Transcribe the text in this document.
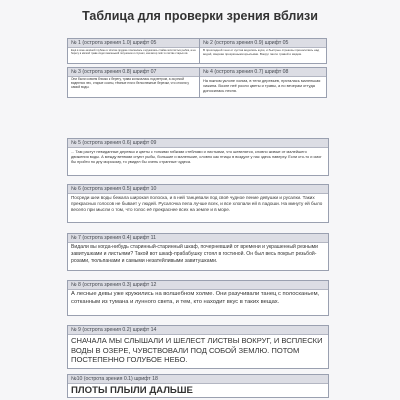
Таблица для проверки зрения вблизи
№ 1 (острота зрения 1.0) шрифт 05
Ещё в сине-зелёной глубине в тёплом прудике плескалась и кружилась стайка золотистых рыбок, а на берегу в мягкой траве сидел маленький лягушонок и слушал, как ветер поёт в листве старых ив.
№ 2 (острота зрения 0.9) шрифт 05
В прохладной тени от кустов водились жуки, и быстрые стрекозы проносились над водой, сверкая прозрачными крыльями. Вокруг пахло травой и мёдом.
№ 3 (острота зрения 0.8) шрифт 07
Они были совсем близко к берегу, трава колыхалась под ветром, а за рекой виднелся лес, старые сосны, тёмные ели и белоснежные березки, что стояли у самой воды.
№ 4 (острота зрения 0.7) шрифт 08
На южном уклоне холма, в тени деревьев, пряталась маленькая хижина. Возле неё росли цветы и травы, а по вечерам оттуда доносилась песня.
№ 5 (острота зрения 0.6) шрифт 09
... Там растут невиданные деревья и цветы с тонкими гибкими стеблями и листьями, что шевелятся, словно живые от малейшего движения воды. А между ветвями снуют рыбы, большие и маленькие, словно как птицы в воздухе у нас здесь наверху. Если кто-то и смог бы пройти по дну морскому, то увидел бы очень странные чудеса.
№ 6 (острота зрения 0.5) шрифт 10
Посреди шеи воды бежала широкая полоска, и в ней танцевали под своё чудное пение девушки и русалки. Таких прекрасных голосов не бывает у людей. Русалочка пела лучше всех, и все хлопали ей в ладоши. На минуту ей было весело при мысли о том, что голос её прекраснее всех на земле и в море.
№ 7 (острота зрения 0.4) шрифт 11
Видали вы когда-нибудь старинный-старинный шкаф, почерневший от времени и украшенный резными завитушками и листьями? Такой вот шкаф-прабабушку стоял в гостиной. Он был весь покрыт резьбой-розами, тюльпанами и самыми незатейливыми завитушками.
№ 8 (острота зрения 0.3) шрифт 12
А лесные девы уже кружились на волшебном холме. Они разучивали танец с полосканьем, сотканным из тумана и лунного света, и тем, кто находит вкус в таких вещах.
№ 9 (острота зрения 0.2) шрифт 14
СНАЧАЛА МЫ СЛЫШАЛИ И ШЕЛЕСТ ЛИСТВЫ ВОКРУГ, И ВСПЛЕСКИ ВОДЫ В ОЗЕРЕ, ЧУВСТВОВАЛИ ПОД СОБОЙ ЗЕМЛЮ. ПОТОМ ПОСТЕПЕННО ГОЛУБОЕ НЕБО.
№10 (острота зрения 0.1) шрифт 18
ПЛОТЫ ПЛЫЛИ ДАЛЬШЕ
